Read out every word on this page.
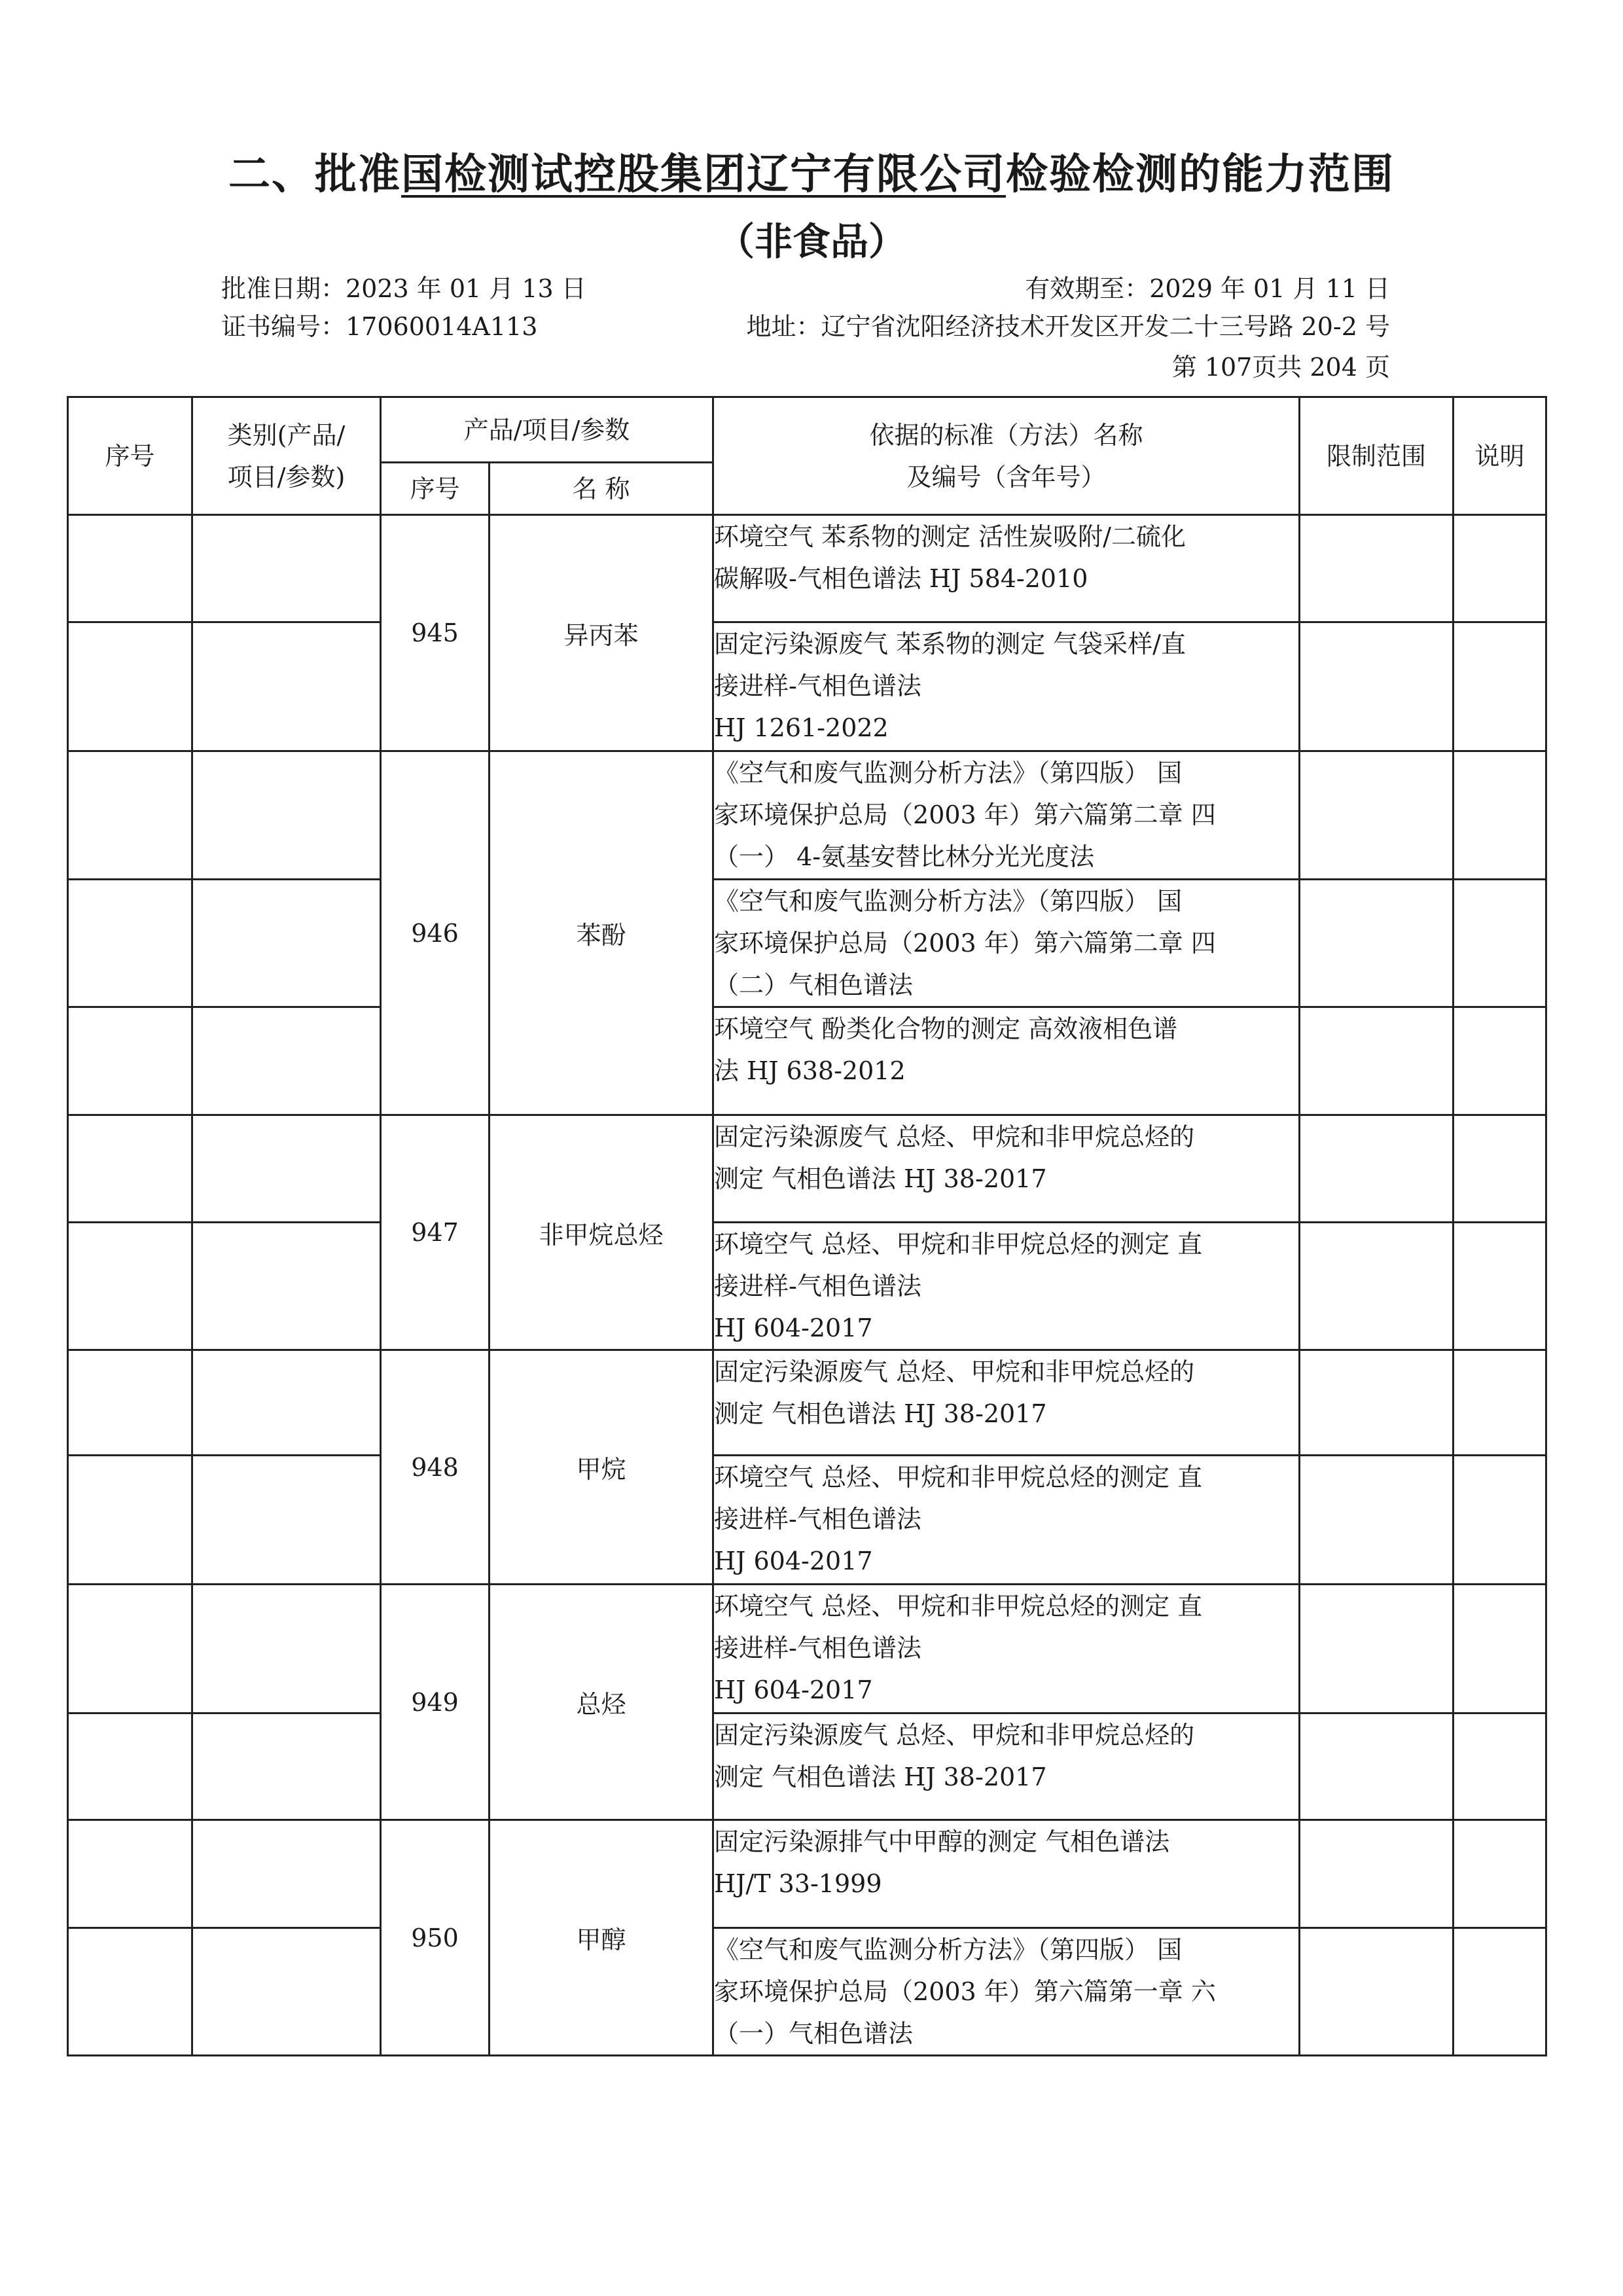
二、批准国检测试控股集团辽宁有限公司检验检测的能力范围
（非食品）
批准日期：2023 年 01 月 13 日	有效期至：2029 年 01 月 11 日
证书编号：17060014A113	地址：辽宁省沈阳经济技术开发区开发二十三号路 20-2 号
第 107页共 204 页
序号	类别(产品/
项目/参数)	产品/项目/参数		依据的标准（方法）名称
及编号（含年号）	限制范围	说明
		序号	名 称			
		945	异丙苯	环境空气 苯系物的测定 活性炭吸附/二硫化
碳解吸-气相色谱法 HJ 584-2010		

				固定污染源废气 苯系物的测定 气袋采样/直
接进样-气相色谱法
HJ 1261-2022		

		946	苯酚	《空气和废气监测分析方法》（第四版） 国
家环境保护总局（2003 年）第六篇第二章 四
（一） 4-氨基安替比林分光光度法		

				《空气和废气监测分析方法》（第四版） 国
家环境保护总局（2003 年）第六篇第二章 四
（二）气相色谱法		

				环境空气 酚类化合物的测定 高效液相色谱
法 HJ 638-2012		

		947	非甲烷总烃	固定污染源废气 总烃、甲烷和非甲烷总烃的
测定 气相色谱法 HJ 38-2017		

				环境空气 总烃、甲烷和非甲烷总烃的测定 直
接进样-气相色谱法
HJ 604-2017		

		948	甲烷	固定污染源废气 总烃、甲烷和非甲烷总烃的
测定 气相色谱法 HJ 38-2017		

				环境空气 总烃、甲烷和非甲烷总烃的测定 直
接进样-气相色谱法
HJ 604-2017		

		949	总烃	环境空气 总烃、甲烷和非甲烷总烃的测定 直
接进样-气相色谱法
HJ 604-2017		

				固定污染源废气 总烃、甲烷和非甲烷总烃的
测定 气相色谱法 HJ 38-2017		

		950	甲醇	固定污染源排气中甲醇的测定 气相色谱法
HJ/T 33-1999		

				《空气和废气监测分析方法》（第四版） 国
家环境保护总局（2003 年）第六篇第一章 六
（一）气相色谱法		
